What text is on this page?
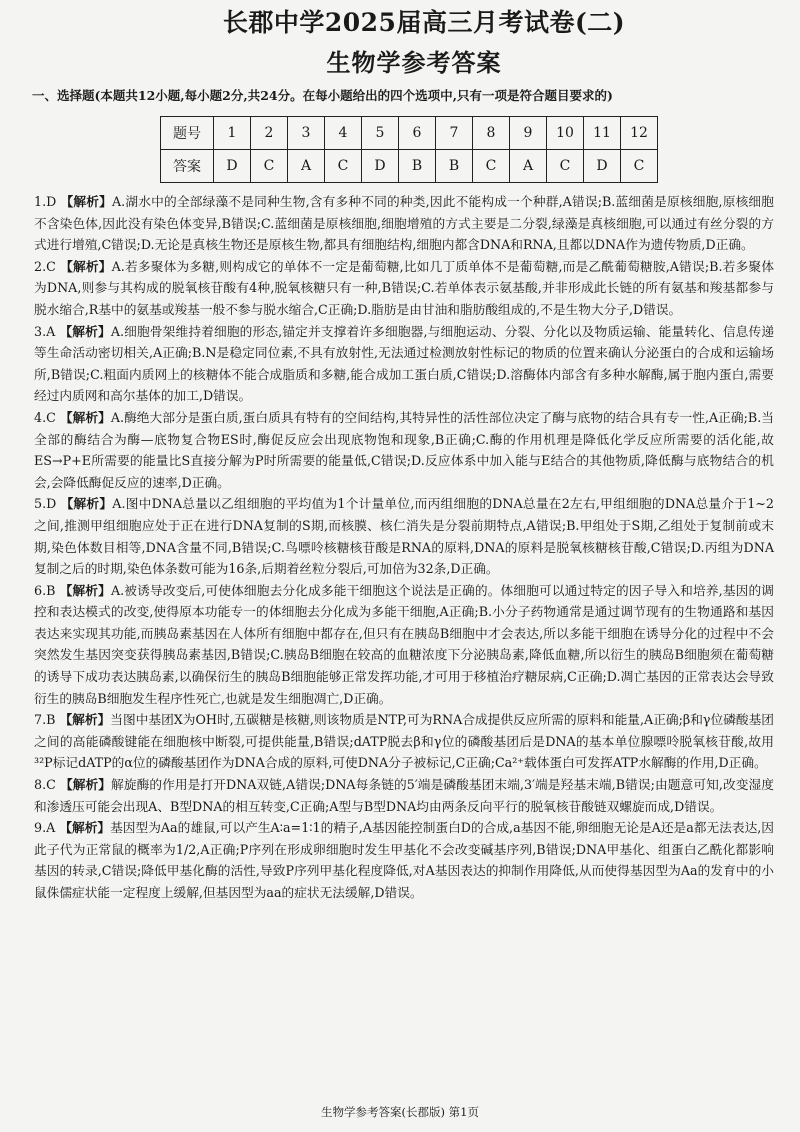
长郡中学2025届高三月考试卷(二)
生物学参考答案
一、选择题(本题共12小题,每小题2分,共24分。在每小题给出的四个选项中,只有一项是符合题目要求的)
题号	1	2	3	4	5	6	7	8	9	10	11	12
答案	D	C	A	C	D	B	B	C	A	C	D	C

1.D 【解析】A.湖水中的全部绿藻不是同种生物,含有多种不同的种类,因此不能构成一个种群,A错误;B.蓝细菌是原核细胞,原核细胞不含染色体,因此没有染色体变异,B错误;C.蓝细菌是原核细胞,细胞增殖的方式主要是二分裂,绿藻是真核细胞,可以通过有丝分裂的方式进行增殖,C错误;D.无论是真核生物还是原核生物,都具有细胞结构,细胞内都含DNA和RNA,且都以DNA作为遗传物质,D正确。

2.C 【解析】A.若多聚体为多糖,则构成它的单体不一定是葡萄糖,比如几丁质单体不是葡萄糖,而是乙酰葡萄糖胺,A错误;B.若多聚体为DNA,则参与其构成的脱氧核苷酸有4种,脱氧核糖只有一种,B错误;C.若单体表示氨基酸,并非形成此长链的所有氨基和羧基都参与脱水缩合,R基中的氨基或羧基一般不参与脱水缩合,C正确;D.脂肪是由甘油和脂肪酸组成的,不是生物大分子,D错误。

3.A 【解析】A.细胞骨架维持着细胞的形态,锚定并支撑着许多细胞器,与细胞运动、分裂、分化以及物质运输、能量转化、信息传递等生命活动密切相关,A正确;B.N是稳定同位素,不具有放射性,无法通过检测放射性标记的物质的位置来确认分泌蛋白的合成和运输场所,B错误;C.粗面内质网上的核糖体不能合成脂质和多糖,能合成加工蛋白质,C错误;D.溶酶体内部含有多种水解酶,属于胞内蛋白,需要经过内质网和高尔基体的加工,D错误。

4.C 【解析】A.酶绝大部分是蛋白质,蛋白质具有特有的空间结构,其特异性的活性部位决定了酶与底物的结合具有专一性,A正确;B.当全部的酶结合为酶—底物复合物ES时,酶促反应会出现底物饱和现象,B正确;C.酶的作用机理是降低化学反应所需要的活化能,故ES→P+E所需要的能量比S直接分解为P时所需要的能量低,C错误;D.反应体系中加入能与E结合的其他物质,降低酶与底物结合的机会,会降低酶促反应的速率,D正确。

5.D 【解析】A.图中DNA总量以乙组细胞的平均值为1个计量单位,而丙组细胞的DNA总量在2左右,甲组细胞的DNA总量介于1~2之间,推测甲组细胞应处于正在进行DNA复制的S期,而核膜、核仁消失是分裂前期特点,A错误;B.甲组处于S期,乙组处于复制前或末期,染色体数目相等,DNA含量不同,B错误;C.鸟嘌呤核糖核苷酸是RNA的原料,DNA的原料是脱氧核糖核苷酸,C错误;D.丙组为DNA复制之后的时期,染色体条数可能为16条,后期着丝粒分裂后,可加倍为32条,D正确。

6.B 【解析】A.被诱导改变后,可使体细胞去分化成多能干细胞这个说法是正确的。体细胞可以通过特定的因子导入和培养,基因的调控和表达模式的改变,使得原本功能专一的体细胞去分化成为多能干细胞,A正确;B.小分子药物通常是通过调节现有的生物通路和基因表达来实现其功能,而胰岛素基因在人体所有细胞中都存在,但只有在胰岛B细胞中才会表达,所以多能干细胞在诱导分化的过程中不会突然发生基因突变获得胰岛素基因,B错误;C.胰岛B细胞在较高的血糖浓度下分泌胰岛素,降低血糖,所以衍生的胰岛B细胞须在葡萄糖的诱导下成功表达胰岛素,以确保衍生的胰岛B细胞能够正常发挥功能,才可用于移植治疗糖尿病,C正确;D.凋亡基因的正常表达会导致衍生的胰岛B细胞发生程序性死亡,也就是发生细胞凋亡,D正确。

7.B 【解析】当图中基团X为OH时,五碳糖是核糖,则该物质是NTP,可为RNA合成提供反应所需的原料和能量,A正确;β和γ位磷酸基团之间的高能磷酸键能在细胞核中断裂,可提供能量,B错误;dATP脱去β和γ位的磷酸基团后是DNA的基本单位腺嘌呤脱氧核苷酸,故用³²P标记dATP的α位的磷酸基团作为DNA合成的原料,可使DNA分子被标记,C正确;Ca²⁺载体蛋白可发挥ATP水解酶的作用,D正确。

8.C 【解析】解旋酶的作用是打开DNA双链,A错误;DNA每条链的5′端是磷酸基团末端,3′端是羟基末端,B错误;由题意可知,改变湿度和渗透压可能会出现A、B型DNA的相互转变,C正确;A型与B型DNA均由两条反向平行的脱氧核苷酸链双螺旋而成,D错误。

9.A 【解析】基因型为Aa的雄鼠,可以产生A∶a=1∶1的精子,A基因能控制蛋白D的合成,a基因不能,卵细胞无论是A还是a都无法表达,因此子代为正常鼠的概率为1/2,A正确;P序列在形成卵细胞时发生甲基化不会改变碱基序列,B错误;DNA甲基化、组蛋白乙酰化都影响基因的转录,C错误;降低甲基化酶的活性,导致P序列甲基化程度降低,对A基因表达的抑制作用降低,从而使得基因型为Aa的发育中的小鼠侏儒症状能一定程度上缓解,但基因型为aa的症状无法缓解,D错误。

生物学参考答案(长郡版) 第1页
